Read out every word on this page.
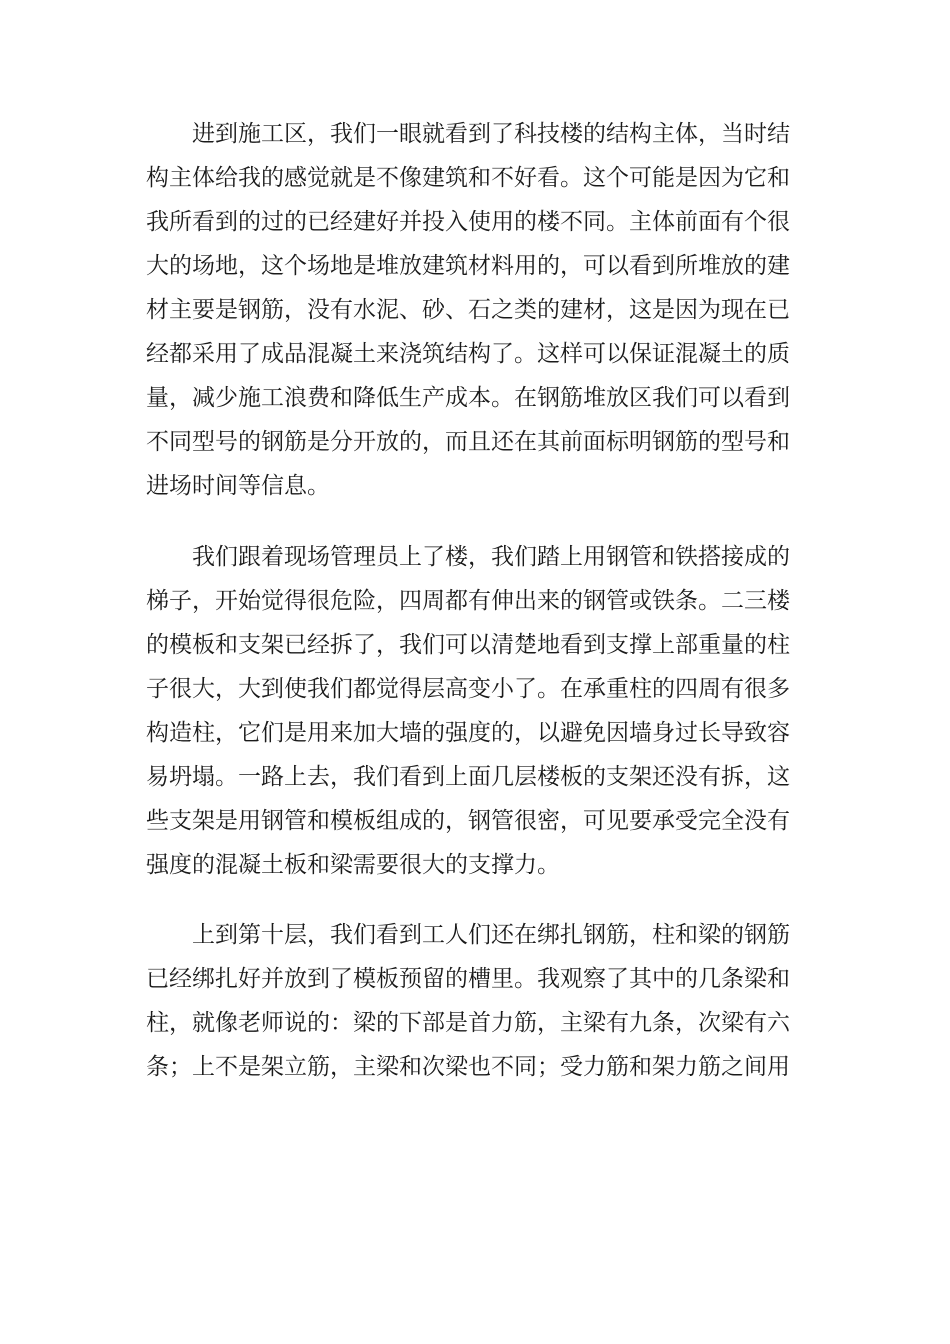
进到施工区，我们一眼就看到了科技楼的结构主体，当时结
构主体给我的感觉就是不像建筑和不好看。这个可能是因为它和
我所看到的过的已经建好并投入使用的楼不同。主体前面有个很
大的场地，这个场地是堆放建筑材料用的，可以看到所堆放的建
材主要是钢筋，没有水泥、砂、石之类的建材，这是因为现在已
经都采用了成品混凝土来浇筑结构了。这样可以保证混凝土的质
量，减少施工浪费和降低生产成本。在钢筋堆放区我们可以看到
不同型号的钢筋是分开放的，而且还在其前面标明钢筋的型号和
进场时间等信息。

我们跟着现场管理员上了楼，我们踏上用钢管和铁搭接成的
梯子，开始觉得很危险，四周都有伸出来的钢管或铁条。二三楼
的模板和支架已经拆了，我们可以清楚地看到支撑上部重量的柱
子很大，大到使我们都觉得层高变小了。在承重柱的四周有很多
构造柱，它们是用来加大墙的强度的，以避免因墙身过长导致容
易坍塌。一路上去，我们看到上面几层楼板的支架还没有拆，这
些支架是用钢管和模板组成的，钢管很密，可见要承受完全没有
强度的混凝土板和梁需要很大的支撑力。

上到第十层，我们看到工人们还在绑扎钢筋，柱和梁的钢筋
已经绑扎好并放到了模板预留的槽里。我观察了其中的几条梁和
柱，就像老师说的：梁的下部是首力筋，主梁有九条，次梁有六
条；上不是架立筋，主梁和次梁也不同；受力筋和架力筋之间用
